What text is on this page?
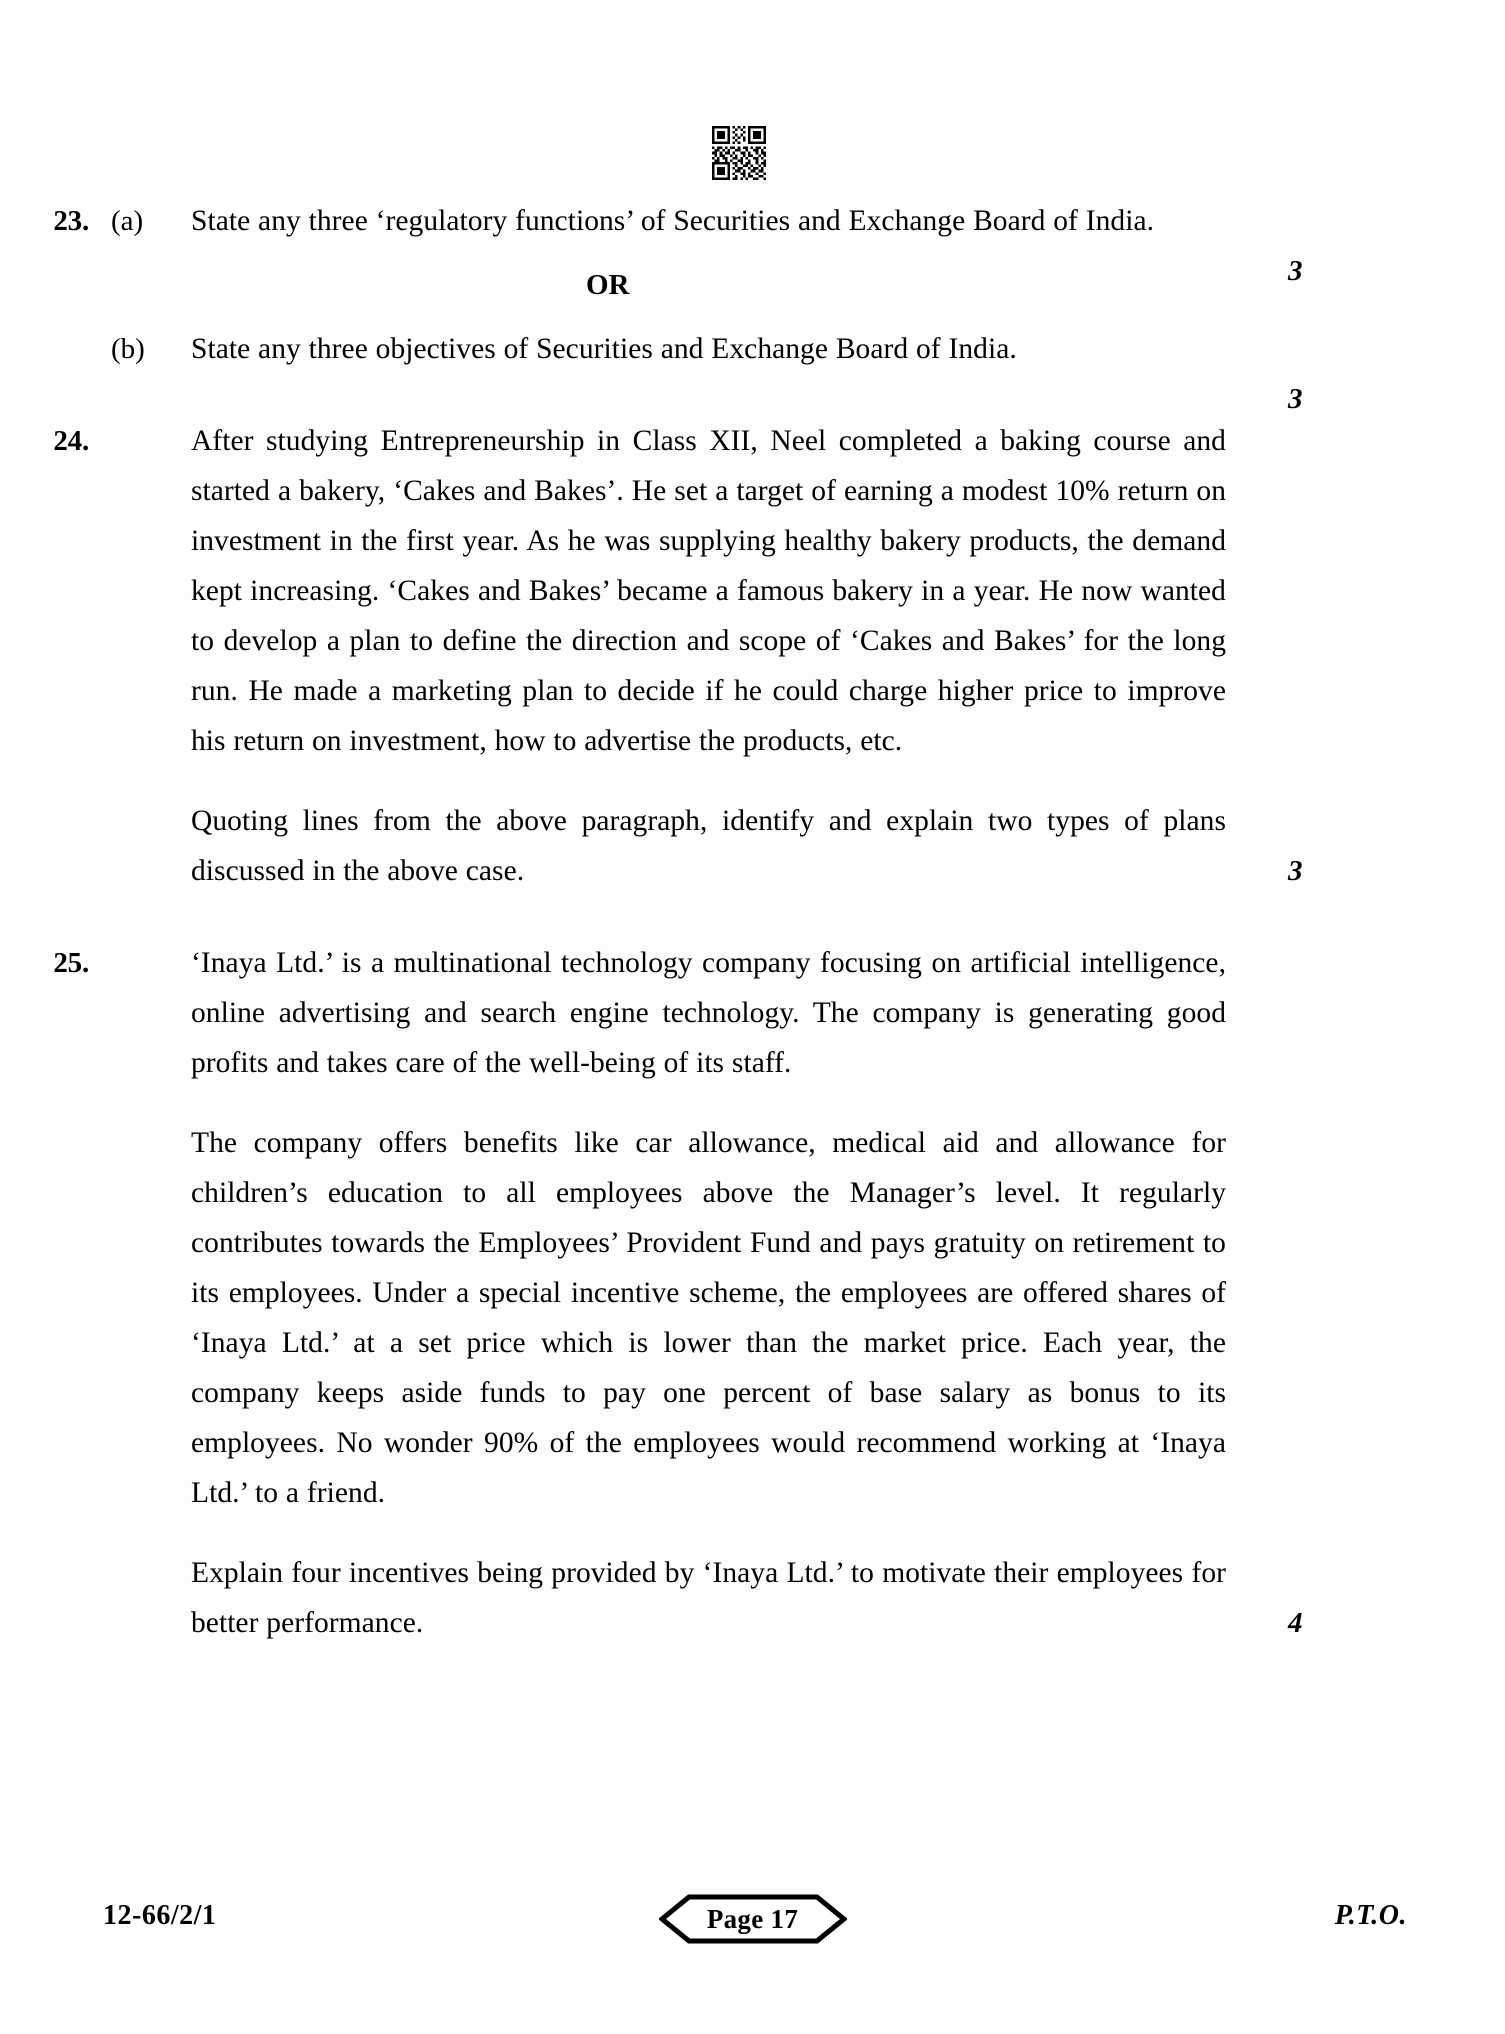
23. (a)	State any three ‘regulatory functions’ of Securities and Exchange Board of India.

3

OR

(b)	State any three objectives of Securities and Exchange Board of India.

3
24.	After studying Entrepreneurship in Class XII, Neel completed a baking course and started a bakery, ‘Cakes and Bakes’. He set a target of earning a modest 10% return on investment in the first year. As he was supplying healthy bakery products, the demand kept increasing. ‘Cakes and Bakes’ became a famous bakery in a year. He now wanted to develop a plan to define the direction and scope of ‘Cakes and Bakes’ for the long run. He made a marketing plan to decide if he could charge higher price to improve his return on investment, how to advertise the products, etc.

Quoting lines from the above paragraph, identify and explain two types of plans discussed in the above case.	3
25.	‘Inaya Ltd.’ is a multinational technology company focusing on artificial intelligence, online advertising and search engine technology. The company is generating good profits and takes care of the well-being of its staff.

The company offers benefits like car allowance, medical aid and allowance for children’s education to all employees above the Manager’s level. It regularly contributes towards the Employees’ Provident Fund and pays gratuity on retirement to its employees. Under a special incentive scheme, the employees are offered shares of ‘Inaya Ltd.’ at a set price which is lower than the market price. Each year, the company keeps aside funds to pay one percent of base salary as bonus to its employees. No wonder 90% of the employees would recommend working at ‘Inaya Ltd.’ to a friend.

Explain four incentives being provided by ‘Inaya Ltd.’ to motivate their employees for better performance.	4
12-66/2/1	Page 17	P.T.O.
